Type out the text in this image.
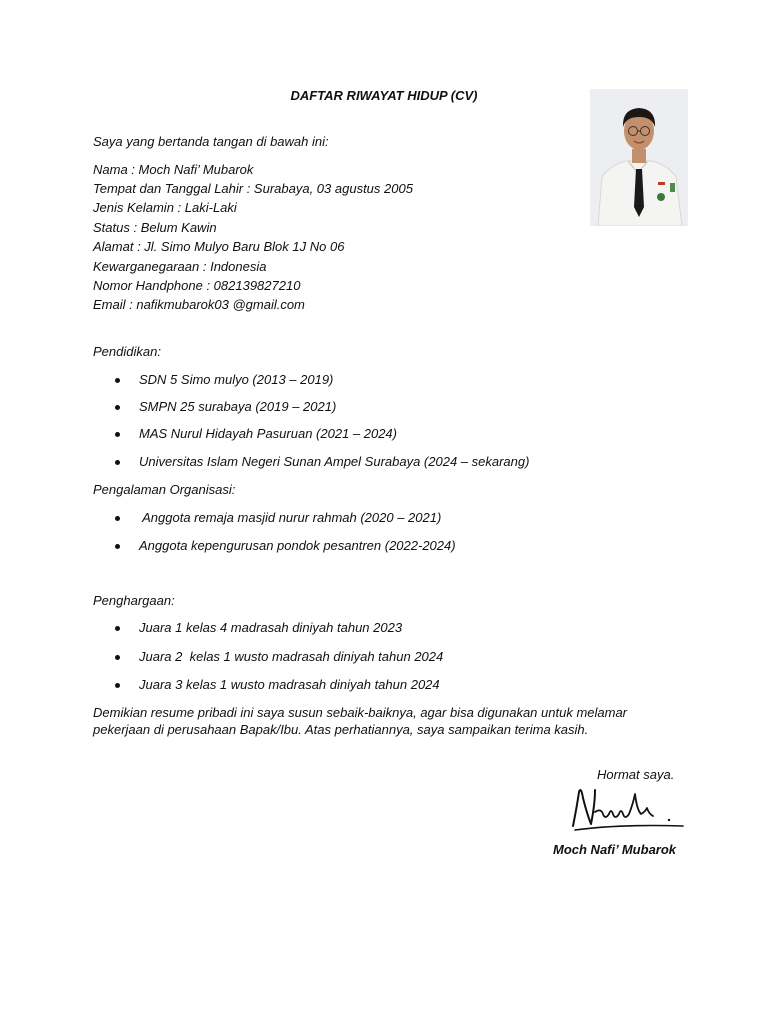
DAFTAR RIWAYAT HIDUP (CV)
Saya yang bertanda tangan di bawah ini:
Nama : Moch Nafi’ Mubarok
Tempat dan Tanggal Lahir : Surabaya, 03 agustus 2005
Jenis Kelamin : Laki-Laki
Status : Belum Kawin
Alamat : Jl. Simo Mulyo Baru Blok 1J No 06
Kewarganegaraan : Indonesia
Nomor Handphone : 082139827210
Email : nafikmubarok03 @gmail.com
Pendidikan:
SDN 5 Simo mulyo (2013 – 2019)
SMPN 25 surabaya (2019 – 2021)
MAS Nurul Hidayah Pasuruan (2021 – 2024)
Universitas Islam Negeri Sunan Ampel Surabaya (2024 – sekarang)
Pengalaman Organisasi:
Anggota remaja masjid nurur rahmah (2020 – 2021)
Anggota kepengurusan pondok pesantren (2022-2024)
Penghargaan:
Juara 1 kelas 4 madrasah diniyah tahun 2023
Juara 2  kelas 1 wusto madrasah diniyah tahun 2024
Juara 3 kelas 1 wusto madrasah diniyah tahun 2024
Demikian resume pribadi ini saya susun sebaik-baiknya, agar bisa digunakan untuk melamar pekerjaan di perusahaan Bapak/Ibu. Atas perhatiannya, saya sampaikan terima kasih.
Hormat saya.
Moch Nafi’ Mubarok
